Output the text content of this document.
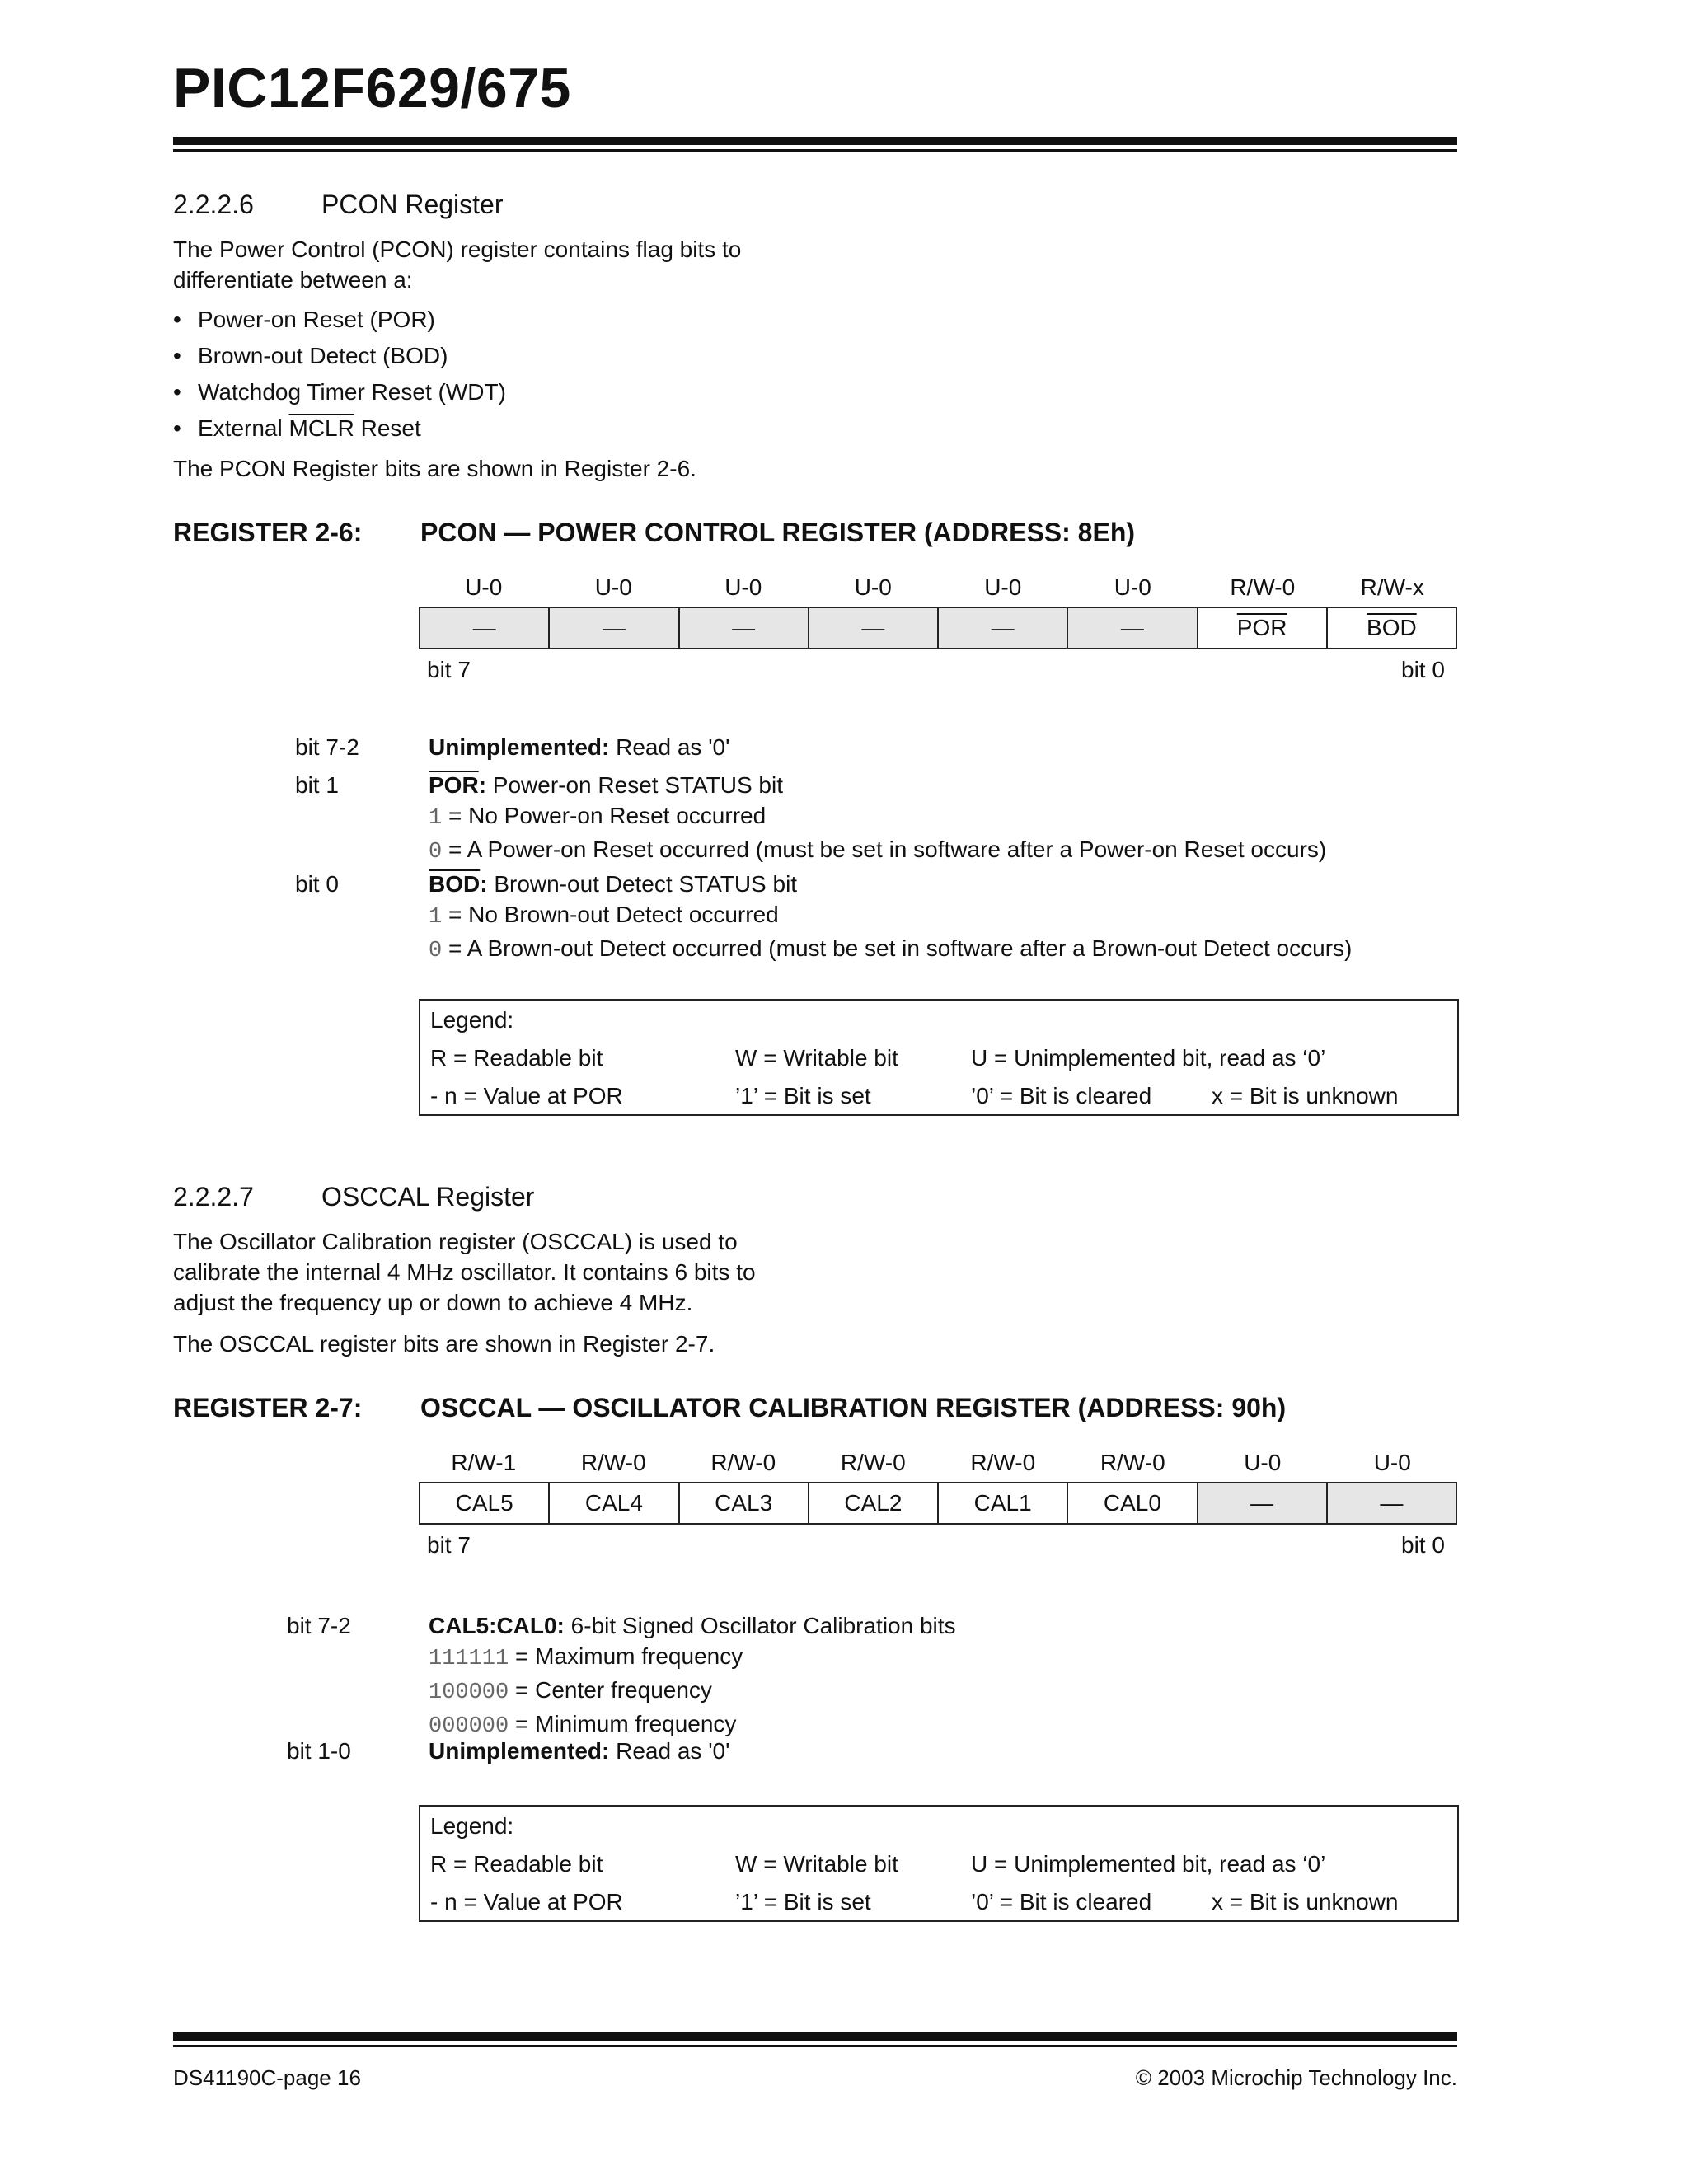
PIC12F629/675
2.2.2.6	PCON Register
The Power Control (PCON) register contains flag bits to differentiate between a:
• Power-on Reset (POR)
• Brown-out Detect (BOD)
• Watchdog Timer Reset (WDT)
• External MCLR Reset
The PCON Register bits are shown in Register 2-6.
REGISTER 2-6: PCON — POWER CONTROL REGISTER (ADDRESS: 8Eh)
U-0	U-0	U-0	U-0	U-0	U-0	R/W-0	R/W-x
—	—	—	—	—	—	$\overline{POR}$	$\overline{BOD}$
bit 7	bit 0
bit 7-2	Unimplemented: Read as '0'
bit 1	$\overline{POR}$: Power-on Reset STATUS bit
1 = No Power-on Reset occurred
0 = A Power-on Reset occurred (must be set in software after a Power-on Reset occurs)
bit 0	$\overline{BOD}$: Brown-out Detect STATUS bit
1 = No Brown-out Detect occurred
0 = A Brown-out Detect occurred (must be set in software after a Brown-out Detect occurs)
Legend:
R = Readable bit	W = Writable bit	U = Unimplemented bit, read as ‘0’
- n = Value at POR	’1’ = Bit is set	’0’ = Bit is cleared	x = Bit is unknown
2.2.2.7	OSCCAL Register
The Oscillator Calibration register (OSCCAL) is used to calibrate the internal 4 MHz oscillator. It contains 6 bits to adjust the frequency up or down to achieve 4 MHz.
The OSCCAL register bits are shown in Register 2-7.
REGISTER 2-7: OSCCAL — OSCILLATOR CALIBRATION REGISTER (ADDRESS: 90h)
R/W-1	R/W-0	R/W-0	R/W-0	R/W-0	R/W-0	U-0	U-0
CAL5	CAL4	CAL3	CAL2	CAL1	CAL0	—	—
bit 7	bit 0
bit 7-2	CAL5:CAL0: 6-bit Signed Oscillator Calibration bits
111111 = Maximum frequency
100000 = Center frequency
000000 = Minimum frequency
bit 1-0	Unimplemented: Read as '0'
Legend:
R = Readable bit	W = Writable bit	U = Unimplemented bit, read as ‘0’
- n = Value at POR	’1’ = Bit is set	’0’ = Bit is cleared	x = Bit is unknown
DS41190C-page 16	© 2003 Microchip Technology Inc.
